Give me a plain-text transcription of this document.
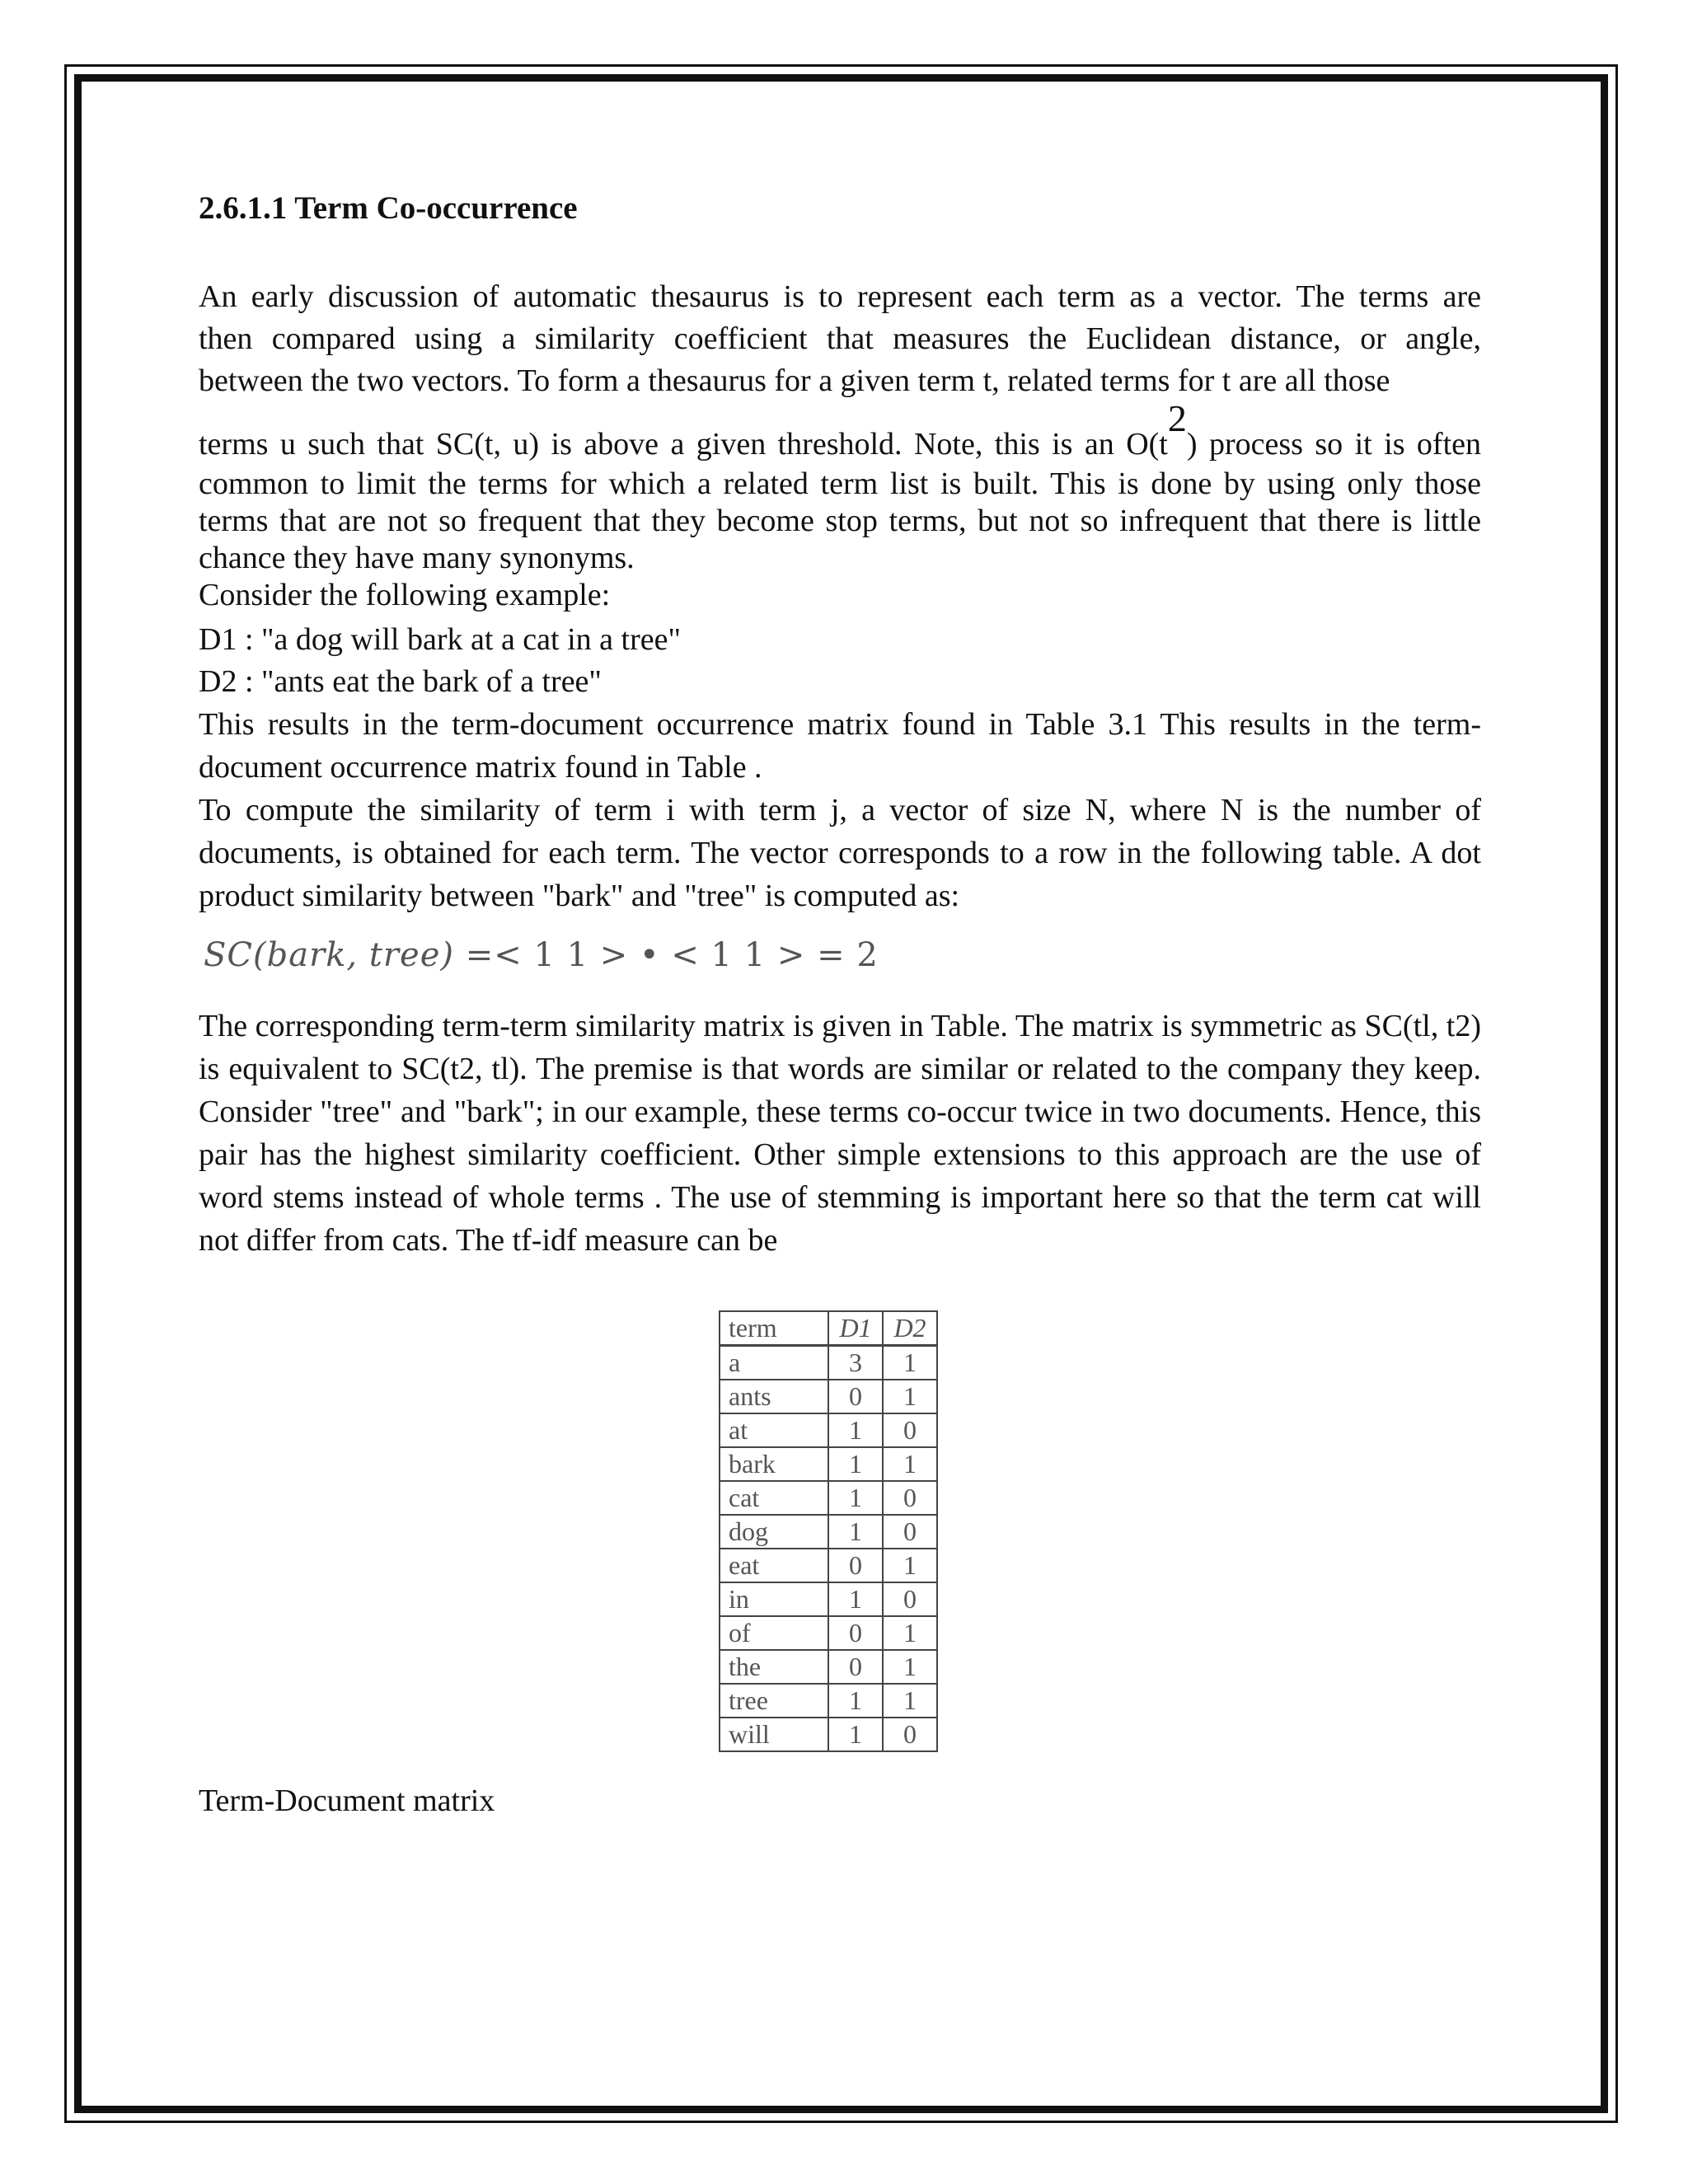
2.6.1.1 Term Co-occurrence
An early discussion of automatic thesaurus is to represent each term as a vector. The terms are
then compared using a similarity coefficient that measures the Euclidean distance, or angle,
between the two vectors. To form a thesaurus for a given term t, related terms for t are all those
terms u such that SC(t, u) is above a given threshold. Note, this is an O(t2) process so it is often
common to limit the terms for which a related term list is built. This is done by using only those
terms that are not so frequent that they become stop terms, but not so infrequent that there is little
chance they have many synonyms.
Consider the following example:

D1 : "a dog will bark at a cat in a tree"

D2 : "ants eat the bark of a tree"

This results in the term-document occurrence matrix found in Table 3.1 This results in the term-document occurrence matrix found in Table .

To compute the similarity of term i with term j, a vector of size N, where N is the number of documents, is obtained for each term. The vector corresponds to a row in the following table. A dot product similarity between "bark" and "tree" is computed as:

SC(bark, tree) =< 1 1 > • < 1 1 > = 2

The corresponding term-term similarity matrix is given in Table. The matrix is symmetric as SC(tl, t2) is equivalent to SC(t2, tl). The premise is that words are similar or related to the company they keep. Consider "tree" and "bark"; in our example, these terms co-occur twice in two documents. Hence, this pair has the highest similarity coefficient. Other simple extensions to this approach are the use of word stems instead of whole terms . The use of stemming is important here so that the term cat will not differ from cats. The tf-idf measure can be

term	D1	D2
a	3	1
ants	0	1
at	1	0
bark	1	1
cat	1	0
dog	1	0
eat	0	1
in	1	0
of	0	1
the	0	1
tree	1	1
will	1	0
Term-Document matrix
